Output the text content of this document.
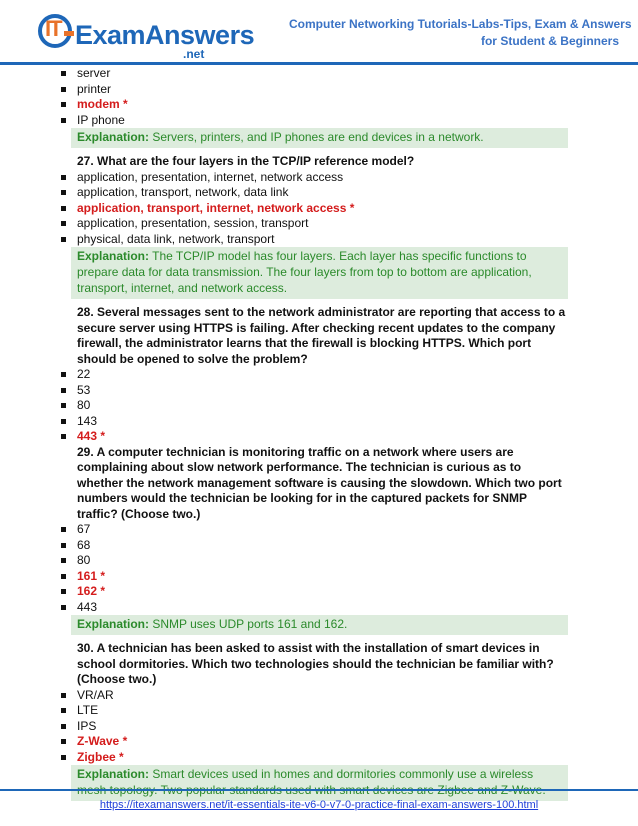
IT ExamAnswers
.net
Computer Networking Tutorials-Labs-Tips, Exam & Answers
for Student & Beginners
server
printer
modem *
IP phone
Explanation: Servers, printers, and IP phones are end devices in a network.
27. What are the four layers in the TCP/IP reference model?
application, presentation, internet, network access
application, transport, network, data link
application, transport, internet, network access *
application, presentation, session, transport
physical, data link, network, transport
Explanation: The TCP/IP model has four layers. Each layer has specific functions to prepare data for data transmission. The four layers from top to bottom are application, transport, internet, and network access.
28. Several messages sent to the network administrator are reporting that access to a secure server using HTTPS is failing. After checking recent updates to the company firewall, the administrator learns that the firewall is blocking HTTPS. Which port should be opened to solve the problem?
22
53
80
143
443 *
29. A computer technician is monitoring traffic on a network where users are complaining about slow network performance. The technician is curious as to whether the network management software is causing the slowdown. Which two port numbers would the technician be looking for in the captured packets for SNMP traffic? (Choose two.)
67
68
80
161 *
162 *
443
Explanation: SNMP uses UDP ports 161 and 162.
30. A technician has been asked to assist with the installation of smart devices in school dormitories. Which two technologies should the technician be familiar with? (Choose two.)
VR/AR
LTE
IPS
Z-Wave *
Zigbee *
Explanation: Smart devices used in homes and dormitories commonly use a wireless
https://itexamanswers.net/it-essentials-ite-v6-0-v7-0-practice-final-exam-answers-100.html
